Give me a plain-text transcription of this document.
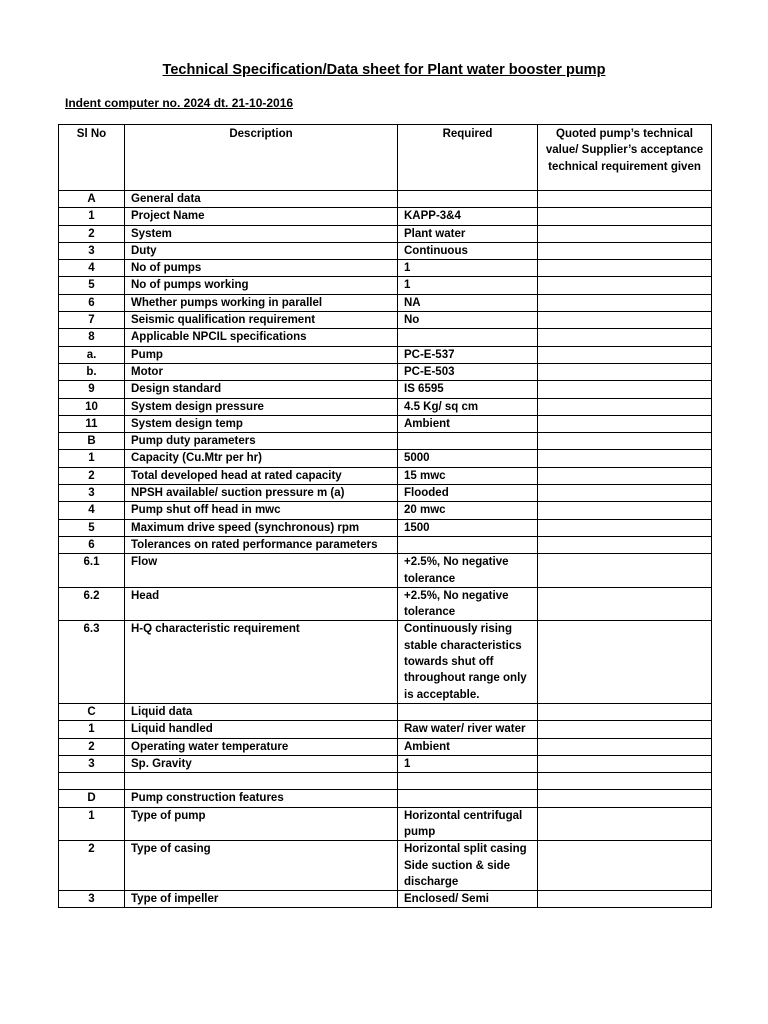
Technical Specification/Data sheet for Plant water booster pump
Indent computer no. 2024 dt. 21-10-2016
Sl No	Description	Required	Quoted pump’s technical value/ Supplier’s acceptance technical requirement given
A	General data		
1	Project Name	KAPP-3&4	
2	System	Plant water	
3	Duty	Continuous	
4	No of pumps	1	
5	No of pumps working	1	
6	Whether pumps working in parallel	NA	
7	Seismic qualification requirement	No	
8	Applicable NPCIL specifications		
a.	Pump	PC-E-537	
b.	Motor	PC-E-503	
9	Design standard	IS 6595	
10	System design pressure	4.5 Kg/ sq cm	
11	System design temp	Ambient	
B	Pump duty parameters		
1	Capacity (Cu.Mtr per hr)	5000	
2	Total developed head at rated capacity	15 mwc	
3	NPSH available/ suction pressure m (a)	Flooded	
4	Pump shut off head in mwc	20 mwc	
5	Maximum drive speed (synchronous) rpm	1500	
6	Tolerances on rated performance parameters		
6.1	Flow	+2.5%, No negative tolerance	
6.2	Head	+2.5%, No negative tolerance	
6.3	H-Q characteristic requirement	Continuously rising stable characteristics towards shut off throughout range only is acceptable.	
C	Liquid data		
1	Liquid handled	Raw water/ river water	
2	Operating water temperature	Ambient	
3	Sp. Gravity	1	

D	Pump construction features		
1	Type of pump	Horizontal centrifugal pump	
2	Type of casing	Horizontal split casing Side suction & side discharge	
3	Type of impeller	Enclosed/ Semi	
